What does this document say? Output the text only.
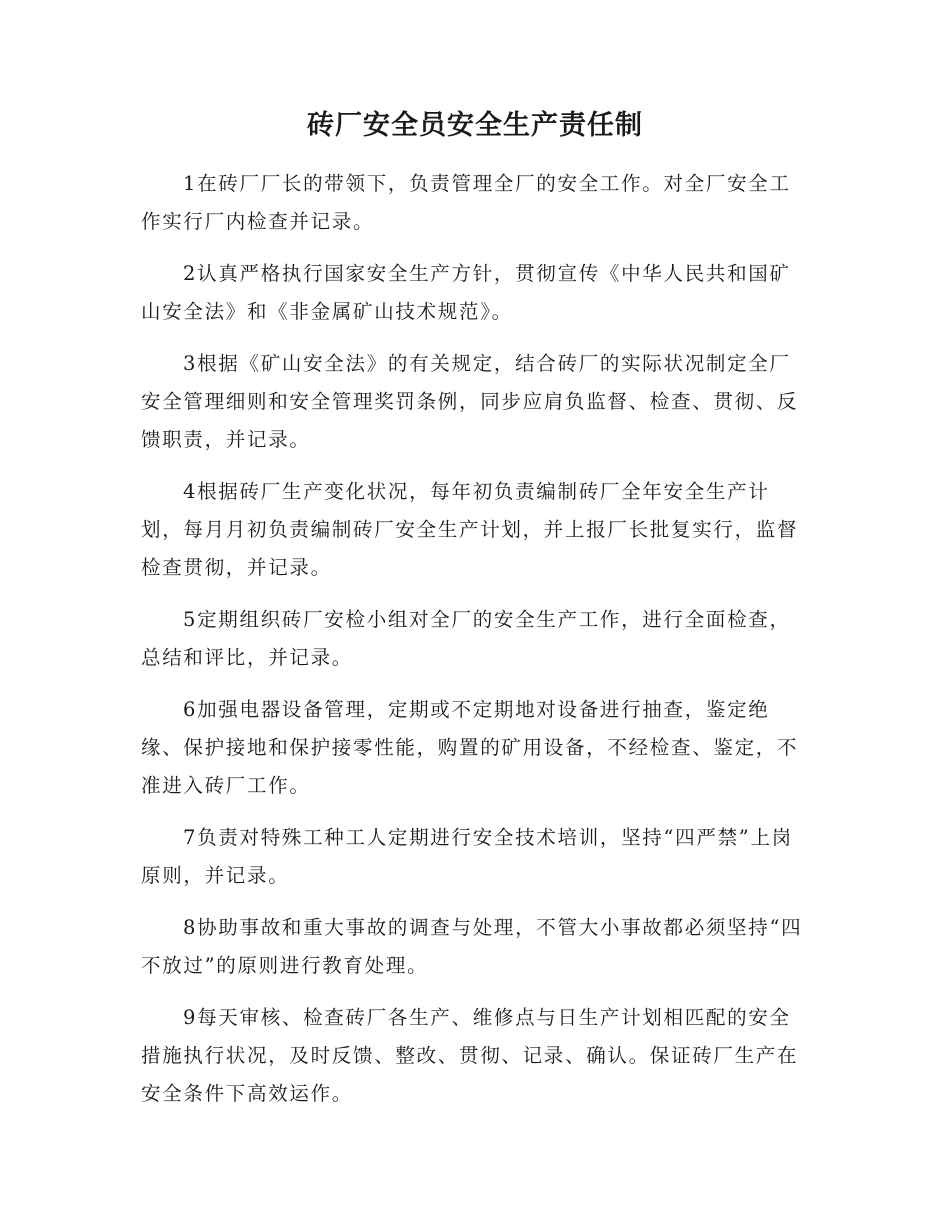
砖厂安全员安全生产责任制

1在砖厂厂长的带领下，负责管理全厂的安全工作。对全厂安全工作实行厂内检查并记录。

2认真严格执行国家安全生产方针，贯彻宣传《中华人民共和国矿山安全法》和《非金属矿山技术规范》。

3根据《矿山安全法》的有关规定，结合砖厂的实际状况制定全厂安全管理细则和安全管理奖罚条例，同步应肩负监督、检查、贯彻、反馈职责，并记录。

4根据砖厂生产变化状况，每年初负责编制砖厂全年安全生产计划，每月月初负责编制砖厂安全生产计划，并上报厂长批复实行，监督检查贯彻，并记录。

5定期组织砖厂安检小组对全厂的安全生产工作，进行全面检查，总结和评比，并记录。

6加强电器设备管理，定期或不定期地对设备进行抽查，鉴定绝缘、保护接地和保护接零性能，购置的矿用设备，不经检查、鉴定，不准进入砖厂工作。

7负责对特殊工种工人定期进行安全技术培训，坚持“四严禁”上岗原则，并记录。

8协助事故和重大事故的调查与处理，不管大小事故都必须坚持“四不放过”的原则进行教育处理。

9每天审核、检查砖厂各生产、维修点与日生产计划相匹配的安全措施执行状况，及时反馈、整改、贯彻、记录、确认。保证砖厂生产在安全条件下高效运作。
